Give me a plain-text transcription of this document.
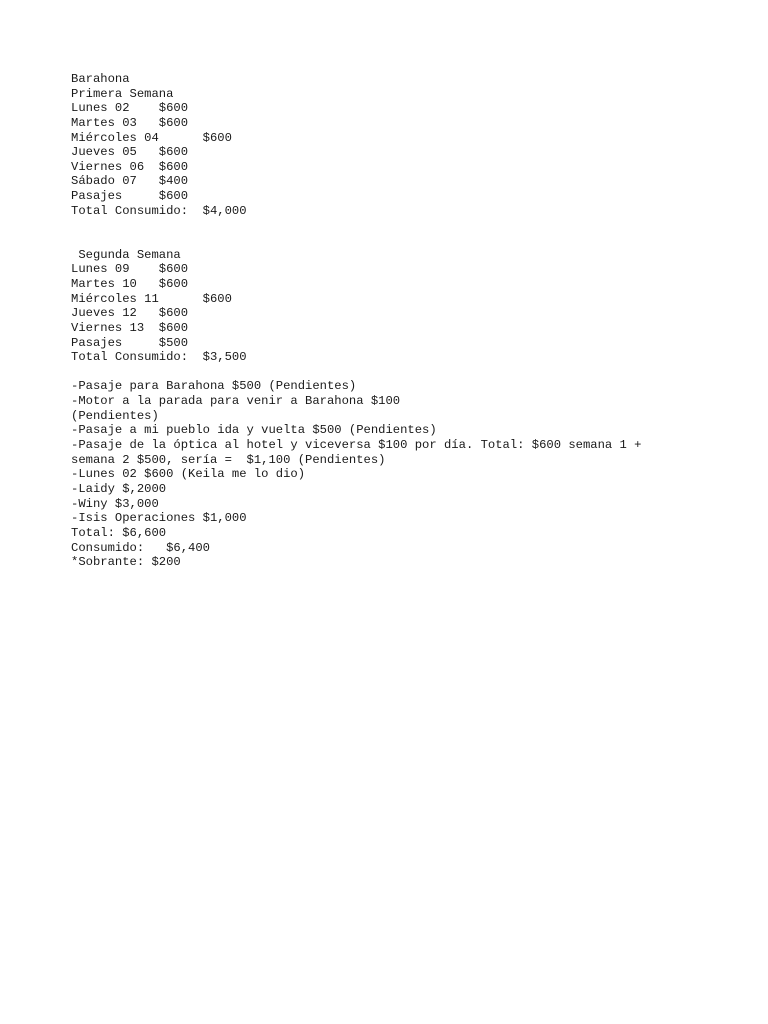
Barahona
Primera Semana
Lunes 02    $600
Martes 03   $600
Miércoles 04      $600
Jueves 05   $600
Viernes 06  $600
Sábado 07   $400
Pasajes     $600
Total Consumido:  $4,000
Segunda Semana
Lunes 09    $600
Martes 10   $600
Miércoles 11      $600
Jueves 12   $600
Viernes 13  $600
Pasajes     $500
Total Consumido:  $3,500
-Pasaje para Barahona $500 (Pendientes)
-Motor a la parada para venir a Barahona $100
(Pendientes)
-Pasaje a mi pueblo ida y vuelta $500 (Pendientes)
-Pasaje de la óptica al hotel y viceversa $100 por día. Total: $600 semana 1 +
semana 2 $500, sería =  $1,100 (Pendientes)
-Lunes 02 $600 (Keila me lo dio)
-Laidy $,2000
-Winy $3,000
-Isis Operaciones $1,000
Total: $6,600
Consumido:   $6,400
*Sobrante: $200
